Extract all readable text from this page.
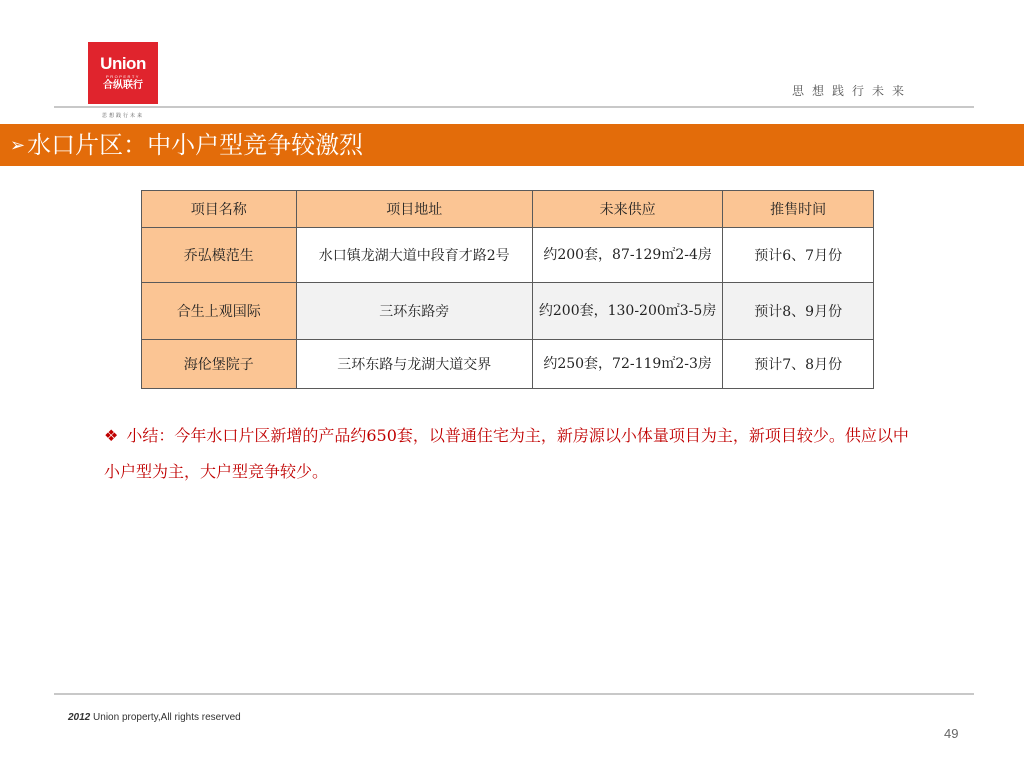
Union
PROPERTY
合纵联行
思想践行未来
思想践行未来
➢水口片区：中小户型竞争较激烈
项目名称	项目地址	未来供应	推售时间
乔弘模范生	水口镇龙湖大道中段育才路2号	约200套，87-129㎡2-4房	预计6、7月份
合生上观国际	三环东路旁	约200套，130-200㎡3-5房	预计8、9月份
海伦堡院子	三环东路与龙湖大道交界	约250套，72-119㎡2-3房	预计7、8月份
❖ 小结：今年水口片区新增的产品约650套，以普通住宅为主，新房源以小体量项目为主，新项目较少。供应以中小户型为主，大户型竞争较少。
2012 Union property,All rights reserved
49
